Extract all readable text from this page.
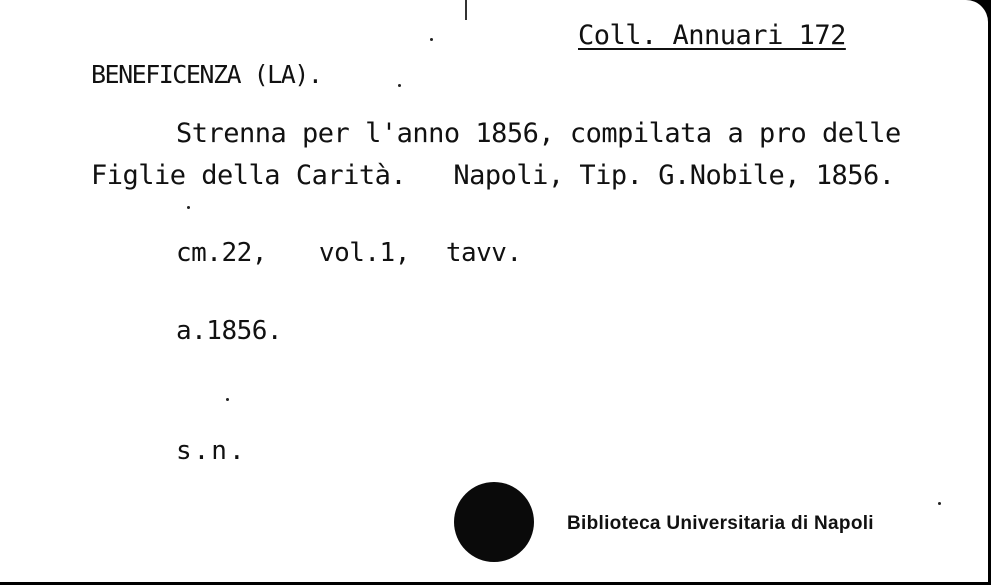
Coll. Annuari 172
BENEFICENZA (LA).
Strenna per l'anno 1856, compilata a pro delle
Figlie della Carità.   Napoli, Tip. G.Nobile, 1856.
cm.22, vol.1, tavv.
a.1856.
s.n.
Biblioteca Universitaria di Napoli
